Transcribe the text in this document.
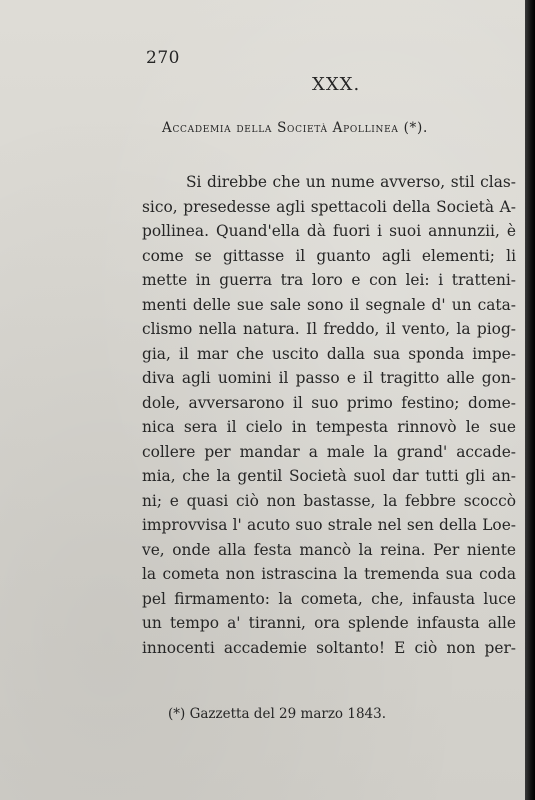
270
XXX.
Accademia della Società Apollinea (*).
Si direbbe che un nume avverso, stil clas-
sico, presedesse agli spettacoli della Società A-
pollinea. Quand'ella dà fuori i suoi annunzii, è
come se gittasse il guanto agli elementi; li
mette in guerra tra loro e con lei: i tratteni-
menti delle sue sale sono il segnale d' un cata-
clismo nella natura. Il freddo, il vento, la piog-
gia, il mar che uscito dalla sua sponda impe-
diva agli uomini il passo e il tragitto alle gon-
dole, avversarono il suo primo festino; dome-
nica sera il cielo in tempesta rinnovò le sue
collere per mandar a male la grand' accade-
mia, che la gentil Società suol dar tutti gli an-
ni; e quasi ciò non bastasse, la febbre scoccò
improvvisa l' acuto suo strale nel sen della Loe-
ve, onde alla festa mancò la reina. Per niente
la cometa non istrascina la tremenda sua coda
pel firmamento: la cometa, che, infausta luce
un tempo a' tiranni, ora splende infausta alle
innocenti accademie soltanto! E ciò non per-
(*) Gazzetta del 29 marzo 1843.
